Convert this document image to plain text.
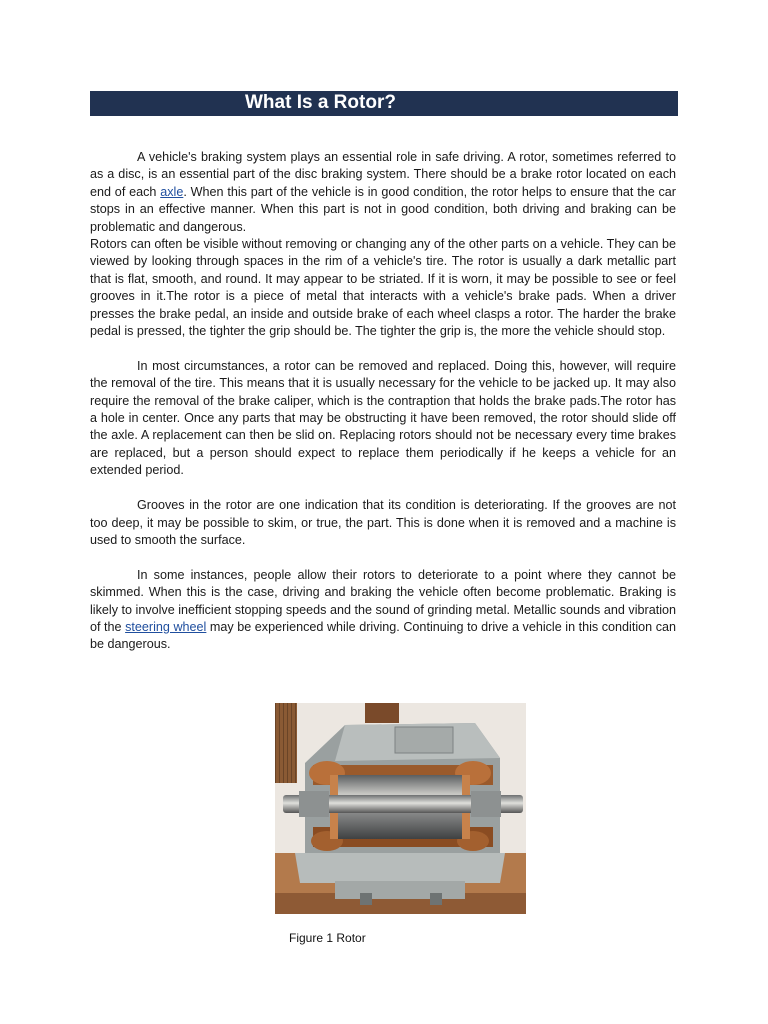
What Is a Rotor?

A vehicle's braking system plays an essential role in safe driving. A rotor, sometimes referred to as a disc, is an essential part of the disc braking system. There should be a brake rotor located on each end of each axle. When this part of the vehicle is in good condition, the rotor helps to ensure that the car stops in an effective manner. When this part is not in good condition, both driving and braking can be problematic and dangerous.

Rotors can often be visible without removing or changing any of the other parts on a vehicle. They can be viewed by looking through spaces in the rim of a vehicle's tire. The rotor is usually a dark metallic part that is flat, smooth, and round. It may appear to be striated. If it is worn, it may be possible to see or feel grooves in it.The rotor is a piece of metal that interacts with a vehicle's brake pads. When a driver presses the brake pedal, an inside and outside brake of each wheel clasps a rotor. The harder the brake pedal is pressed, the tighter the grip should be. The tighter the grip is, the more the vehicle should stop.

In most circumstances, a rotor can be removed and replaced. Doing this, however, will require the removal of the tire. This means that it is usually necessary for the vehicle to be jacked up. It may also require the removal of the brake caliper, which is the contraption that holds the brake pads.The rotor has a hole in center. Once any parts that may be obstructing it have been removed, the rotor should slide off the axle. A replacement can then be slid on. Replacing rotors should not be necessary every time brakes are replaced, but a person should expect to replace them periodically if he keeps a vehicle for an extended period.

Grooves in the rotor are one indication that its condition is deteriorating. If the grooves are not too deep, it may be possible to skim, or true, the part. This is done when it is removed and a machine is used to smooth the surface.

In some instances, people allow their rotors to deteriorate to a point where they cannot be skimmed. When this is the case, driving and braking the vehicle often become problematic. Braking is likely to involve inefficient stopping speeds and the sound of grinding metal. Metallic sounds and vibration of the steering wheel may be experienced while driving. Continuing to drive a vehicle in this condition can be dangerous.

Figure 1 Rotor
